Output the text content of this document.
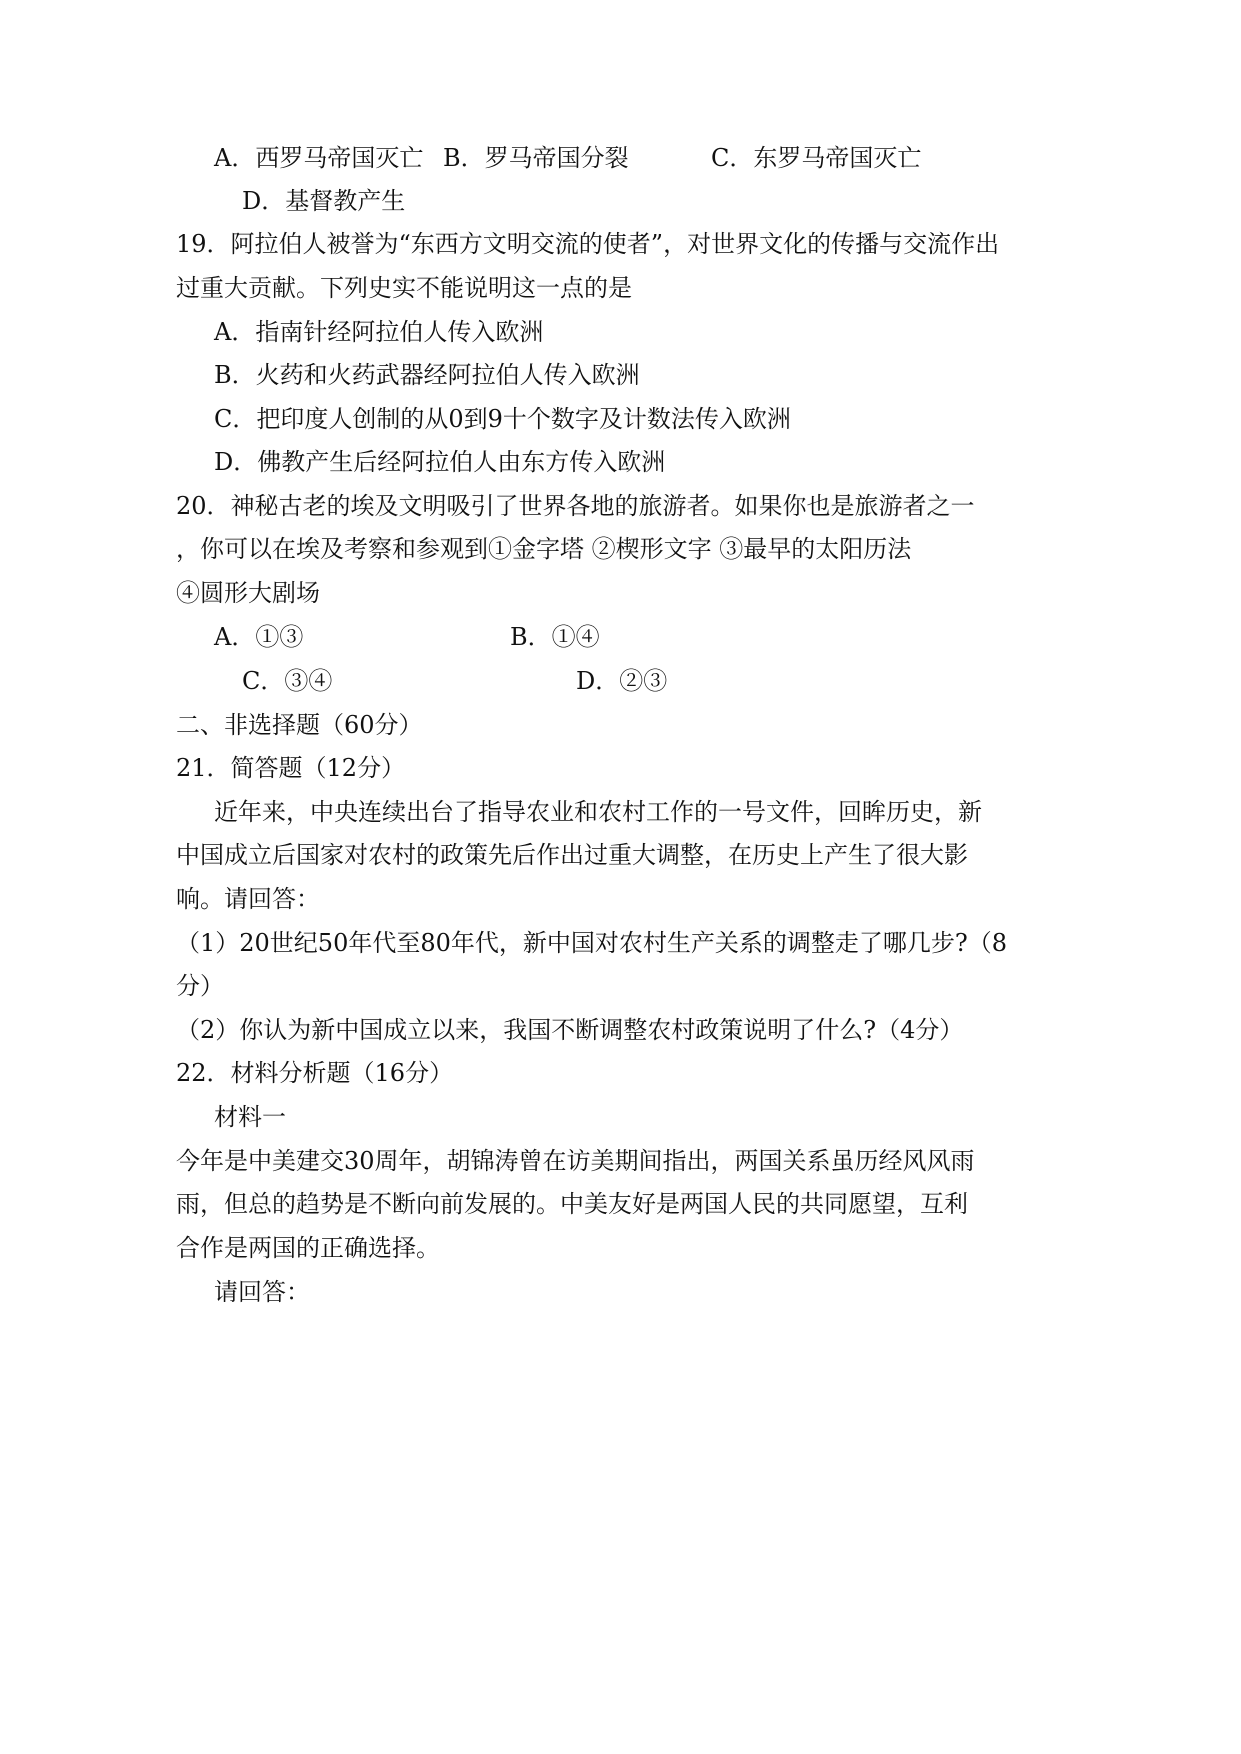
A．西罗马帝国灭亡 B．罗马帝国分裂	C．东罗马帝国灭亡
D．基督教产生
19．阿拉伯人被誉为“东西方文明交流的使者”，对世界文化的传播与交流作出
过重大贡献。下列史实不能说明这一点的是
A．指南针经阿拉伯人传入欧洲
B．火药和火药武器经阿拉伯人传入欧洲
C．把印度人创制的从0到9十个数字及计数法传入欧洲
D．佛教产生后经阿拉伯人由东方传入欧洲
20．神秘古老的埃及文明吸引了世界各地的旅游者。如果你也是旅游者之一
，你可以在埃及考察和参观到①金字塔 ②楔形文字 ③最早的太阳历法
④圆形大剧场
A．①③	B．①④
C．③④	D．②③
二、非选择题（60分）
21．简答题（12分）
近年来，中央连续出台了指导农业和农村工作的一号文件，回眸历史，新
中国成立后国家对农村的政策先后作出过重大调整，在历史上产生了很大影
响。请回答：
（1）20世纪50年代至80年代，新中国对农村生产关系的调整走了哪几步?（8
分）
（2）你认为新中国成立以来，我国不断调整农村政策说明了什么?（4分）
22．材料分析题（16分）
材料一
今年是中美建交30周年，胡锦涛曾在访美期间指出，两国关系虽历经风风雨
雨，但总的趋势是不断向前发展的。中美友好是两国人民的共同愿望，互利
合作是两国的正确选择。
请回答：
